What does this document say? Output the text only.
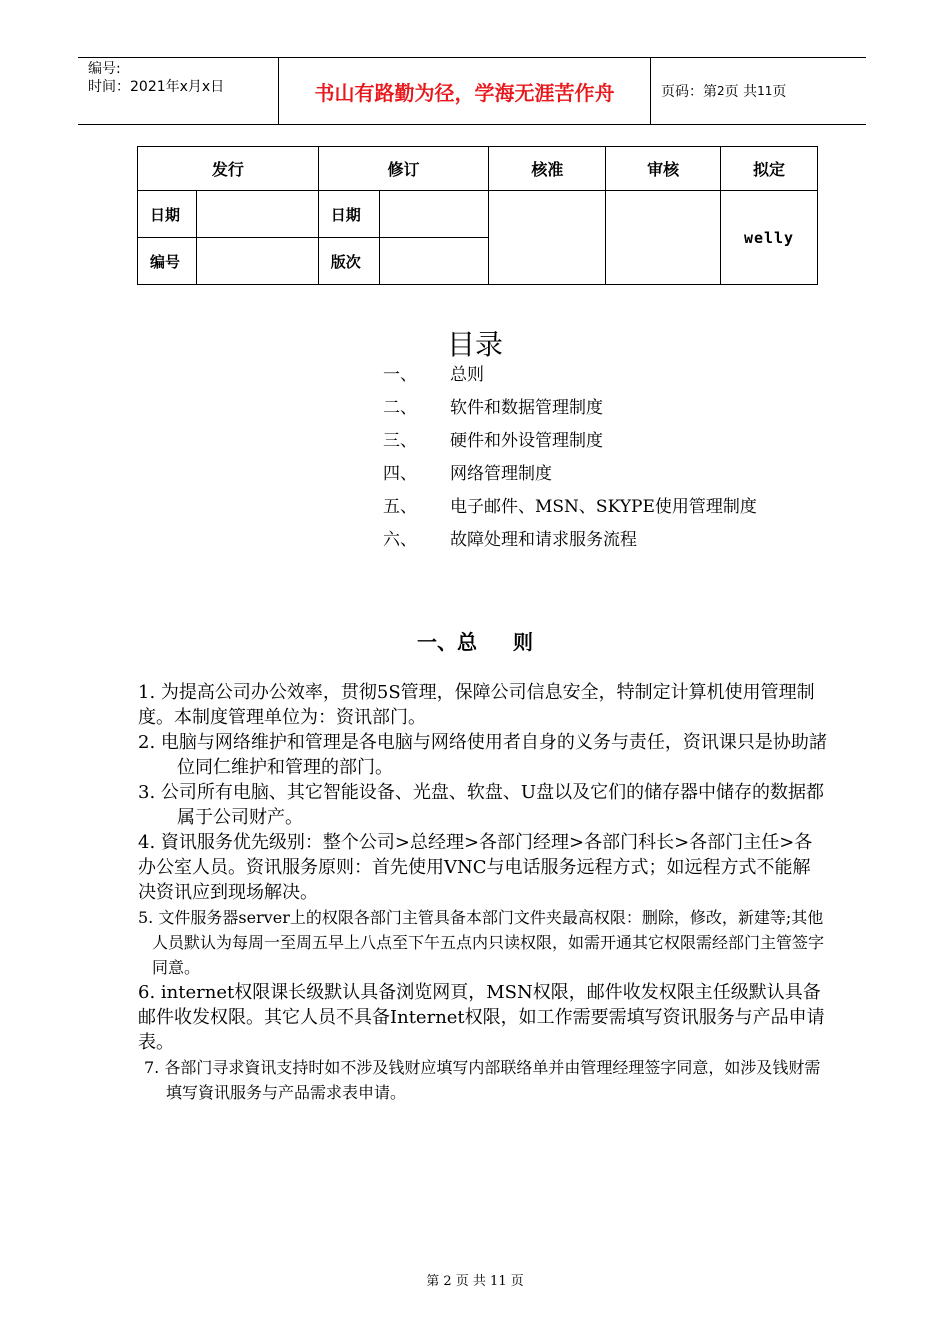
编号:
时间：2021年x月x日	书山有路勤为径，学海无涯苦作舟	页码：第 2 页 共 11 页
发行		修订		核准	审核	拟定
日期		日期				welly
编号		版次				
目录
一、	总则
二、	软件和数据管理制度
三、	硬件和外设管理制度
四、	网络管理制度
五、	电子邮件、MSN、SKYPE使用管理制度
六、	故障处理和请求服务流程
一、总 则

1. 为提高公司办公效率，贯彻5S管理，保障公司信息安全，特制定计算机使用管理制度。本制度管理单位为：资讯部门。

2. 电脑与网络维护和管理是各电脑与网络使用者自身的义务与责任，资讯课只是协助諸位同仁维护和管理的部门。

3. 公司所有电脑、其它智能设备、光盘、软盘、U盘以及它们的储存器中储存的数据都属于公司财产。

4. 資讯服务优先级别：整个公司>总经理>各部门经理>各部门科长>各部门主任>各办公室人员。资讯服务原则：首先使用VNC与电话服务远程方式；如远程方式不能解决资讯应到现场解决。

5. 文件服务器server上的权限各部门主管具备本部门文件夹最高权限：删除，修改，新建等;其他人员默认为每周一至周五早上八点至下午五点内只读权限，如需开通其它权限需经部门主管签字同意。

6. internet权限课长级默认具备浏览网頁，MSN权限，邮件收发权限主任级默认具备邮件收发权限。其它人员不具备Internet权限，如工作需要需填写资讯服务与产品申请表。

7. 各部门寻求資讯支持时如不涉及钱财应填写内部联络单并由管理经理签字同意，如涉及钱财需填写資讯服务与产品需求表申请。

第 2 页 共 11 页
